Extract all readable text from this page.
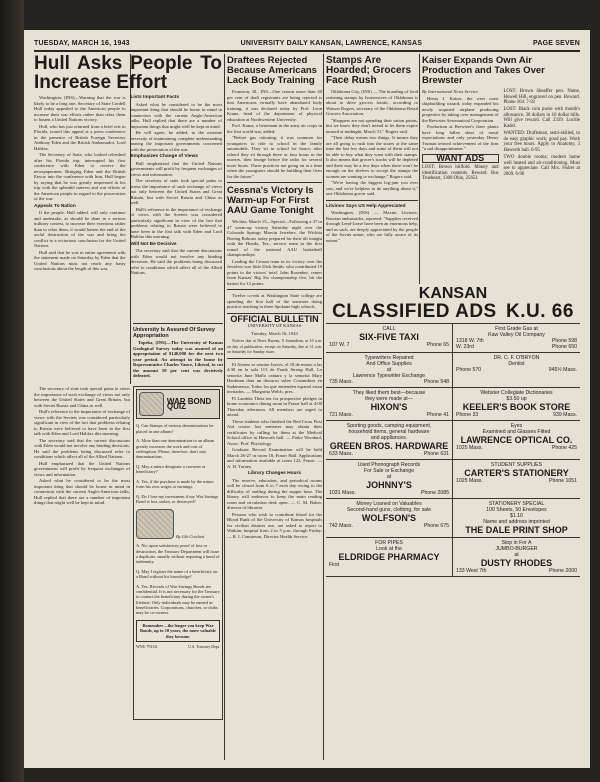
TUESDAY, MARCH 16, 1943	UNIVERSITY DAILY KANSAN, LAWRENCE, KANSAS	PAGE SEVEN
Hull Asks People To Increase Effort

Washington, (INS)—Warning that the war is likely to be a long one, Secretary of State Cordell Hull today appealed to the American people to increase their war efforts rather than relax them to hasten a United Nations victory.

Hull, who has just returned from a brief rest in Florida, issued this appeal at a press conference in the presence of British Foreign Secretary Anthony Eden and the British Ambassador, Lord Halifax.

The Secretary of State, who looked refreshed after his Florida trip, interrupted his first conference with Eden to receive the newspapermen. Bringing Eden and the British Envoy into the conference with him, Hull began by saying that he was greatly impressed in his trip with the splendid interest and war efforts of the American people in regard to the prosecution of the war.

Appeals To Nation

If the people, Hull added, will only continue and undertake, as should be done in a serious military contest, to increase their exertions rather than to relax them, it would hasten the end of the awful destruction of the war and bring the conflict to a victorious conclusion for the United Nations.

Hull said that he was in entire agreement with the statement made on Saturday by Eden that the United Nations must not reach any hasty conclusions about the length of this war.

Lists Important Facts

Asked what he considered to be the most important thing that should be borne in mind in connection with the current Anglo-American talks, Hull replied that there are a number of important things that might well be kept in mind.

He will agree, he added, to the extreme necessity of maintaining complete understanding among the important governments concerned with the prosecution of the war.

Emphasizes Change of Views

Hull emphasized that the United Nations governments will profit by frequent exchanges of views and information.

The secretary of state took special pains to stress the importance of such exchange of views not only between the United States and Great Britain, but with Soviet Russia and China as well.

Hull's reference to the importance of exchange of views with the Soviets was considered particularly significant in view of the fact that problems relating to Russia were believed to have been in the first talk with Eden and Lord Halifax this morning.

Will Not Be Decisive

The secretary said that the current discussions with Eden would not involve any binding decisions. He said the problems being discussed refer to conditions which affect all of the Allied Nations.

University Is Assured Of Survey Appropriation

Topeka, (INS)—The University of Kansas Geological Survey today was assured of an appropriation of $140,000 for the next two year period. An attempt in the house by Representative Charles Vance, Liberal, to cut the amount 50 per cent was decisively defeated.

The secretary of state took special pains to stress the importance of such exchange of views not only between the United States and Great Britain, but with Soviet Russia and China as well.

Hull's reference to the importance of exchange of views with the Soviets was considered particularly significant in view of the fact that problems relating to Russia were believed to have been in the first talk with Eden and Lord Halifax this morning.

The secretary said that the current discussions with Eden would not involve any binding decisions. He said the problems being discussed refer to conditions which affect all of the Allied Nations.

Hull emphasized that the United Nations governments will profit by frequent exchanges of views and information.

Asked what he considered to be the most important thing that should be borne in mind in connection with the current Anglo-American talks, Hull replied that there are a number of important things that might well be kept in mind.

WAR BOND QUIZ

Q. Can Stamps of various denominations be placed in one album?

A. More than one denomination in an album greatly increases the work and cost of redemption. Please, therefore, don't mix denominations.

Q. May a minor designate a coowner or beneficiary?

A. Yes, if the purchase is made by the minor from his own wages or earnings.

Q. Do I lose my investment if my War Savings Bond is lost, stolen, or destroyed?

By Gib Crockett

A. No; upon satisfactory proof of loss or destruction, the Treasury Department will issue a duplicate, usually without requiring a bond of indemnity.

Q. May I register the name of a beneficiary on a Bond without his knowledge?

A. Yes. Records of War Savings Bonds are confidential. It is not necessary for the Treasury to contact the beneficiary during the owner's lifetime. Only individuals may be named as beneficiaries. Corporations, churches, or clubs may be co-owners.

Remember—the longer you keep War Bonds, up to 10 years, the more valuable they become.
WNU 7913A	U.S. Treasury Dept.
Draftees Rejected Because Americans Lack Body Training

Evanston, Ill., INS—One reason more than 40 per cent of draft registrants are being rejected is that Americans virtually have abandoned body training, it was declared today by Prof. Leon Kranz, head of the department of physical education at Northwestern University.

Prof. Kranz, a lieutenant in the army air corps in the first world war, added:

"Before gas rationing, it was common for youngsters to ride to school in the family automobile. They sit in school for hours; after school they sit through three or four hours in the movies, then lounge before the radio for several more hours. These practices are going on at a time when the youngsters should be building their lives for the future."

Cessna's Victory Is Warm-up For First AAU Game Tonight

Wichita, March 15—Special—Following a 37 to 47 warm-up victory Saturday night over the Colorado Springs Marvin Jewelers, the Wichita Boeing Bobcats today prepared for their tilt tonight with the Hondo, Tex., service team in the first round of the national AAU basketball championships.

Leading the Cessna team in its victory over the Jewelers was little Dick Smith, who contributed 19 points to the victors' total. John Rosenber, center from Kansas' Big Six championship five, hit the basket for 12 points.

Twelve co-eds at Washington State college are spending the first half of the semester doing practice teaching in three Spokane high schools.

OFFICIAL BULLETIN
UNIVERSITY OF KANSAS
Tuesday, March 16, 1943

Notices due at News Bureau, 8 Journalism, at 10 a.m. on day of publication, except on Saturday, due at 11 a.m. on Saturday for Sunday issue.

El Ateneo se reunira Jueves, el 18 de marzo a las 4:30 en la sala 113 de Frank Strong Hall. La senorita June Mallo cantara y la senorita Mary Hardman dara un discurso sobre Costumbres en Sudamerica. Todos los que entienden espanol estan invitados. — Margarita Welch, pres.

Pi Lambda Theta tea for prospective pledges in home economics dining room in Fraser hall at 4:00 Thursday afternoon. All members are urged to attend.

Those students who finished the Red Cross First Aid course last semester may obtain their certificates by calling for them at the Medical School office in Haworth hall. — Parke Woodard, Assoc. Prof. Physiology

Graduate Record Examination will be held March 26-27 in room 18, Fraser Hall. Applications and information available at room 122, Fraser. — A. H. Turney.

Library Changes Hours

The reserve, education, and periodical rooms will be closed from 6 to 7 each day owing to the difficulty of staffing during the supper hour. The library will endeavor to keep the main reading room and circulation desk open. — C. M. Baker, director of libraries

Persons who wish to contribute blood for the Blood Bank of the University of Kansas hospitals for civilian disaster use, are asked to report to Watkins hospital from 2 to 5 p.m. through Friday. — R. I. Canuteson, Director Health Service.

Stamps Are Hoarded; Grocers Face Rush

Oklahoma City, (INS) — The hoarding of food rationing stamps by housewives of Oklahoma is about to drive grocers frantic, according to Watson Rogers, secretary of the Oklahoma Retail Grocers Association.

"Shoppers are not spending their ration points, but we know they don't intend to let them expire unused at midnight, March 31," Rogers said.

"Their delay means two things. It means they are all going to rush into the stores at the same time the last few days and some of them will not be able to buy what they want with their stamps. It also means that grocer's stocks will be depleted and there may be a few days when there won't be enough on the shelves to accept the stamps the women are wanting to exchange," Rogers said.

"We're having the biggest log-jam you ever saw, and we're helpless to do anything about it," one Oklahoma grocer said.

Litvinov Says US Help Appreciated

Washington, (INS) — Maxim Litvinov, Russian ambassador, reported: "Supplies received through Lend-Lease have been an enormous help, and as such, are deeply appreciated by the people of the Soviet union, who are fully aware of its extent."

Kaiser Expands Own Air Production and Takes Over Brewster

By International News Service

Henry J. Kaiser, the west coast shipbuilding wizard, today expanded his newly acquired airplane producing properties by taking over management of the Brewster Aeronautical Corporation.

Production at Brewster's three plants have long fallen short of naval expectations and only yesterday Henry Truman termed achievement of the firm "a sad disappointment."

WANT ADS

LOST: Brown billfold. Money and identification contents. Reward. Bus Trueheart, 1308 Ohio, 2565J.

LOST: Brown Sheaffer pen. Name, Howell Hill, engraved on pen. Reward. Phone 164. 7-92

LOST: Black coin purse with month's allowance, 30 dollars in 10 dollar bills. Will give reward. Call 2339. Lucille Kadel.

WANTED: Draftsman, semi-skilled, to do easy graphic work; good pay. Work your free hours. Apply to Anatomy, 3 Haworth hall. 6-95

TWO double rooms; modern home well heated and air-conditioning. Must see to appreciate. Call Mrs. Fisher at 2009. 6-96

KANSAN
CLASSIFIED ADS K.U. 66
CALL
SIX-FIVE TAXI
107 W. 7	Phone 65
First Grade Gas at
Kaw Valley Oil Company
1318 W. 7th	Phone 598
W. 23rd	Phone 650
Typewriters Repaired
And Office Supplies
at
Lawrence Typewriter Exchange
735 Mass.	Phone 548
DR. C. F. O'BRYON
Dentist
Phone 570	945½ Mass.
They liked them best—because
they were made at—
HIXON'S
721 Mass.	Phone 41
Webster Collegiate Dictionaries
$3.50 up
KEELER'S BOOK STORE
Phone 33	939 Mass.
Sporting goods, camping equipment,
household items, general hardware
and appliances.
GREEN BROS. HARDWARE
633 Mass.	Phone 631
Eyes
Examined and Glasses Fitted
LAWRENCE OPTICAL CO.
1025 Mass.	Phone 425
Used Phonograph Records
For Sale or Exchange
at
JOHNNY'S
1031 Mass.	Phone 2085
STUDENT SUPPLIES
CARTER'S STATIONERY
1025 Mass.	Phone 1051
Money Loaned on Valuables
Second-hand guns, clothing, for sale
WOLFSON'S
742 Mass.	Phone 675
STATIONERY SPECIAL
100 Sheets, 50 Envelopes
$1.10
Name and address imprinted
THE DALE PRINT SHOP
FOR PIPES
Look at the
ELDRIDGE PHARMACY
First
Stop in For A
JUMBO-BURGER
at
DUSTY RHODES
133 West 7th	Phone 2000
